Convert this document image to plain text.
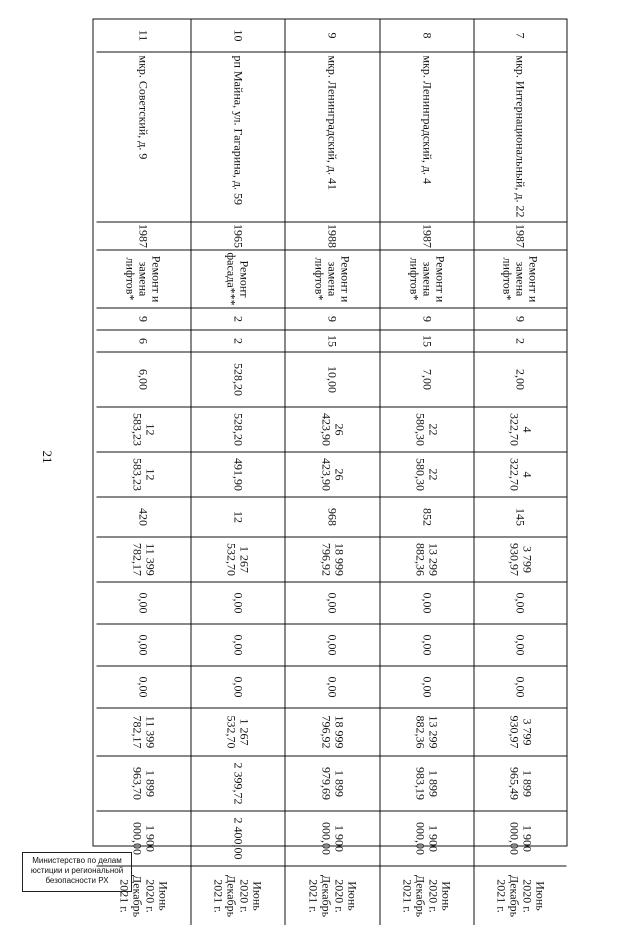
21
7
мкр. Интернациональный, д. 22
1987
Ремонт и замена лифтов*
9
2
2,00
4 322,70
4 322,70
145
3 799 930,97
0,00
0,00
0,00
3 799 930,97
1 899 965,49
1 900 000,00
Июнь 2020 г. Декабрь 2021 г.
8
мкр. Ленинградский, д. 4
1987
Ремонт и замена лифтов*
9
15
7,00
22 580,30
22 580,30
852
13 299 882,36
0,00
0,00
0,00
13 299 882,36
1 899 983,19
1 900 000,00
Июнь 2020 г. Декабрь 2021 г.
9
мкр. Ленинградский, д. 41
1988
Ремонт и замена лифтов*
9
15
10,00
26 423,90
26 423,90
968
18 999 796,92
0,00
0,00
0,00
18 999 796,92
1 899 979,69
1 900 000,00
Июнь 2020 г. Декабрь 2021 г.
10
рп Майна, ул. Гагарина, д. 59
1965
Ремонт фасада***
2
2
528,20
528,20
491,90
12
1 267 532,70
0,00
0,00
0,00
1 267 532,70
2 399,72
2 400,00
Июнь 2020 г. Декабрь 2021 г.
11
мкр. Советский, д. 9
1987
Ремонт и замена лифтов*
9
6
6,00
12 583,23
12 583,23
420
11 399 782,17
0,00
0,00
0,00
11 399 782,17
1 899 963,70
1 900 000,00
Июнь 2020 г. Декабрь 2021 г.
Министерство по делам
юстиции и региональной
безопасности РХ
